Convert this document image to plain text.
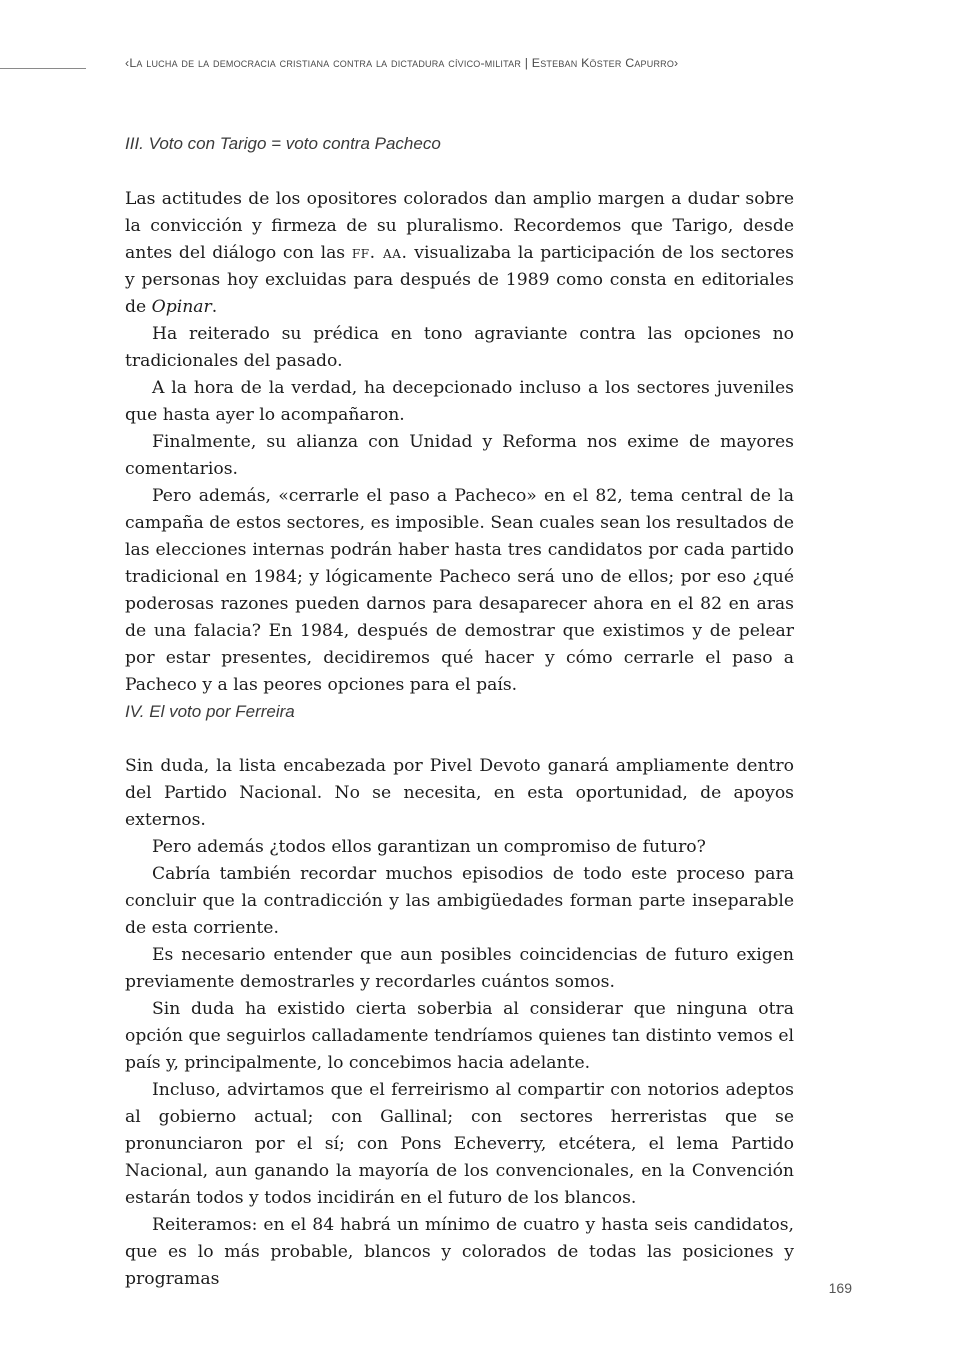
‹La lucha de la democracia cristiana contra la dictadura cívico-militar | Esteban Köster Capurro›
III. Voto con Tarigo = voto contra Pacheco

Las actitudes de los opositores colorados dan amplio margen a dudar sobre la convicción y firmeza de su pluralismo. Recordemos que Tarigo, desde antes del diálogo con las ff. aa. visualizaba la participación de los sectores y personas hoy excluidas para después de 1989 como consta en editoriales de Opinar.

Ha reiterado su prédica en tono agraviante contra las opciones no tradicionales del pasado.

A la hora de la verdad, ha decepcionado incluso a los sectores juveniles que hasta ayer lo acompañaron.

Finalmente, su alianza con Unidad y Reforma nos exime de mayores comentarios.

Pero además, «cerrarle el paso a Pacheco» en el 82, tema central de la campaña de estos sectores, es imposible. Sean cuales sean los resultados de las elecciones internas podrán haber hasta tres candidatos por cada partido tradicional en 1984; y lógicamente Pacheco será uno de ellos; por eso ¿qué poderosas razones pueden darnos para desaparecer ahora en el 82 en aras de una falacia? En 1984, después de demostrar que existimos y de pelear por estar presentes, decidiremos qué hacer y cómo cerrarle el paso a Pacheco y a las peores opciones para el país.

IV. El voto por Ferreira

Sin duda, la lista encabezada por Pivel Devoto ganará ampliamente dentro del Partido Nacional. No se necesita, en esta oportunidad, de apoyos externos.

Pero además ¿todos ellos garantizan un compromiso de futuro?

Cabría también recordar muchos episodios de todo este proceso para concluir que la contradicción y las ambigüedades forman parte inseparable de esta corriente.

Es necesario entender que aun posibles coincidencias de futuro exigen previamente demostrarles y recordarles cuántos somos.

Sin duda ha existido cierta soberbia al considerar que ninguna otra opción que seguirlos calladamente tendríamos quienes tan distinto vemos el país y, principalmente, lo concebimos hacia adelante.

Incluso, advirtamos que el ferreirismo al compartir con notorios adeptos al gobierno actual; con Gallinal; con sectores herreristas que se pronunciaron por el sí; con Pons Echeverry, etcétera, el lema Partido Nacional, aun ganando la mayoría de los convencionales, en la Convención estarán todos y todos incidirán en el futuro de los blancos.

Reiteramos: en el 84 habrá un mínimo de cuatro y hasta seis candidatos, que es lo más probable, blancos y colorados de todas las posiciones y programas	169
